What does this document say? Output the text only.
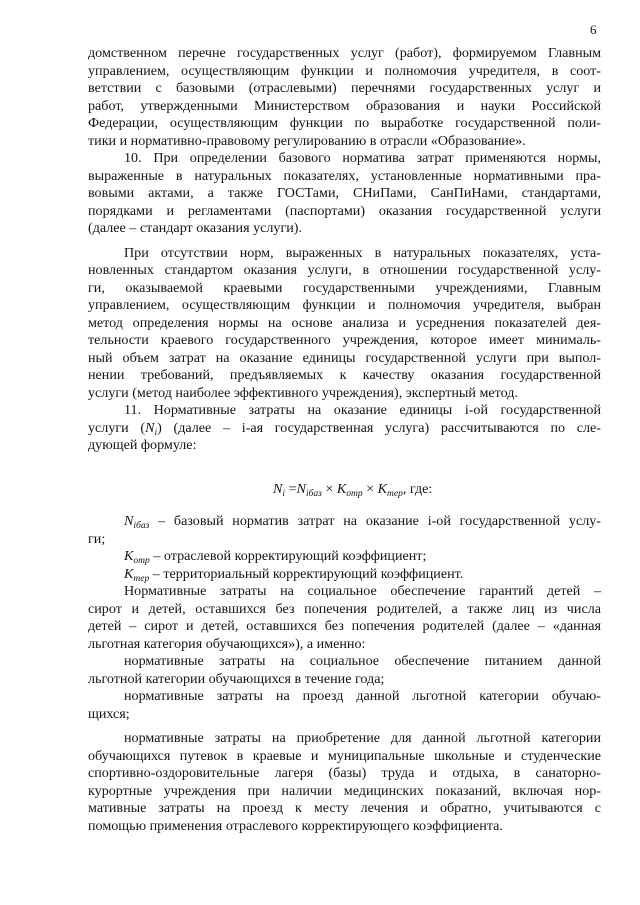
6
домственном перечне государственных услуг (работ), формируемом Главным
управлением, осуществляющим функции и полномочия учредителя, в соот-
ветствии с базовыми (отраслевыми) перечнями государственных услуг и
работ, утвержденными Министерством образования и науки Российской
Федерации, осуществляющим функции по выработке государственной поли-
тики и нормативно-правовому регулированию в отрасли «Образование».
10. При определении базового норматива затрат применяются нормы,
выраженные в натуральных показателях, установленные нормативными пра-
вовыми актами, а также ГОСТами, СНиПами, СанПиНами, стандартами,
порядками и регламентами (паспортами) оказания государственной услуги
(далее – стандарт оказания услуги).
При отсутствии норм, выраженных в натуральных показателях, уста-
новленных стандартом оказания услуги, в отношении государственной услу-
ги, оказываемой краевыми государственными учреждениями, Главным
управлением, осуществляющим функции и полномочия учредителя, выбран
метод определения нормы на основе анализа и усреднения показателей дея-
тельности краевого государственного учреждения, которое имеет минималь-
ный объем затрат на оказание единицы государственной услуги при выпол-
нении требований, предъявляемых к качеству оказания государственной
услуги (метод наиболее эффективного учреждения), экспертный метод.
11. Нормативные затраты на оказание единицы i-ой государственной
услуги $(N_i)$ (далее – i-ая государственная услуга) рассчитываются по сле-
дующей формуле:
$N_i =N_{iбаз} \times K_{отр} \times K_{тер}$, где:
$N_{iбаз}$ – базовый норматив затрат на оказание i-ой государственной услу-
ги;
$K_{отр}$ – отраслевой корректирующий коэффициент;
$K_{тер}$ – территориальный корректирующий коэффициент.
Нормативные затраты на социальное обеспечение гарантий детей –
сирот и детей, оставшихся без попечения родителей, а также лиц из числа
детей – сирот и детей, оставшихся без попечения родителей (далее – «данная
льготная категория обучающихся»), а именно:
нормативные затраты на социальное обеспечение питанием данной
льготной категории обучающихся в течение года;
нормативные затраты на проезд данной льготной категории обучаю-
щихся;
нормативные затраты на приобретение для данной льготной категории
обучающихся путевок в краевые и муниципальные школьные и студенческие
спортивно-оздоровительные лагеря (базы) труда и отдыха, в санаторно-
курортные учреждения при наличии медицинских показаний, включая нор-
мативные затраты на проезд к месту лечения и обратно, учитываются с
помощью применения отраслевого корректирующего коэффициента.
